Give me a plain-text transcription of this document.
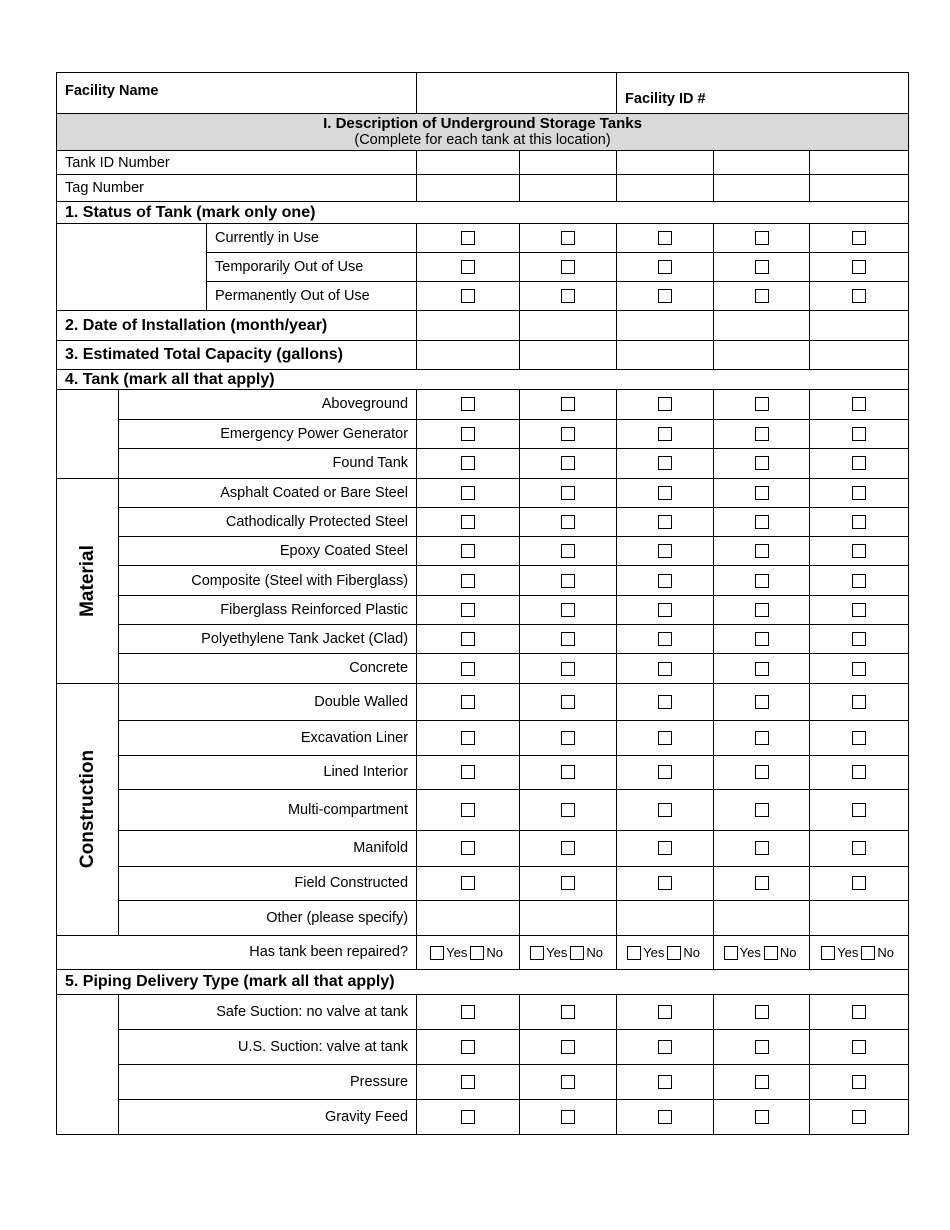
Facility Name					Facility ID #		

I. Description of Underground Storage Tanks
(Complete for each tank at this location)							

Tank ID Number							
Tag Number							
1. Status of Tank (mark only one)							
		Currently in Use					
		Temporarily Out of Use					
		Permanently Out of Use					
2. Date of Installation (month/year)							
3. Estimated Total Capacity (gallons)							
4. Tank (mark all that apply)							
	Aboveground						
	Emergency Power Generator						
	Found Tank						

Material	Asphalt Coated or Bare Steel						
	Cathodically Protected Steel						
	Epoxy Coated Steel						
	Composite (Steel with Fiberglass)						
	Fiberglass Reinforced Plastic						
	Polyethylene Tank Jacket (Clad)						
	Concrete						

Construction	Double Walled						
	Excavation Liner						
	Lined Interior						
	Multi-compartment						
	Manifold						
	Field Constructed						
	Other (please specify)						
Has tank been repaired?			Yes No	Yes No	Yes No	Yes No	Yes No
5. Piping Delivery Type (mark all that apply)							
	Safe Suction: no valve at tank						
	U.S. Suction: valve at tank						
	Pressure						
	Gravity Feed						
